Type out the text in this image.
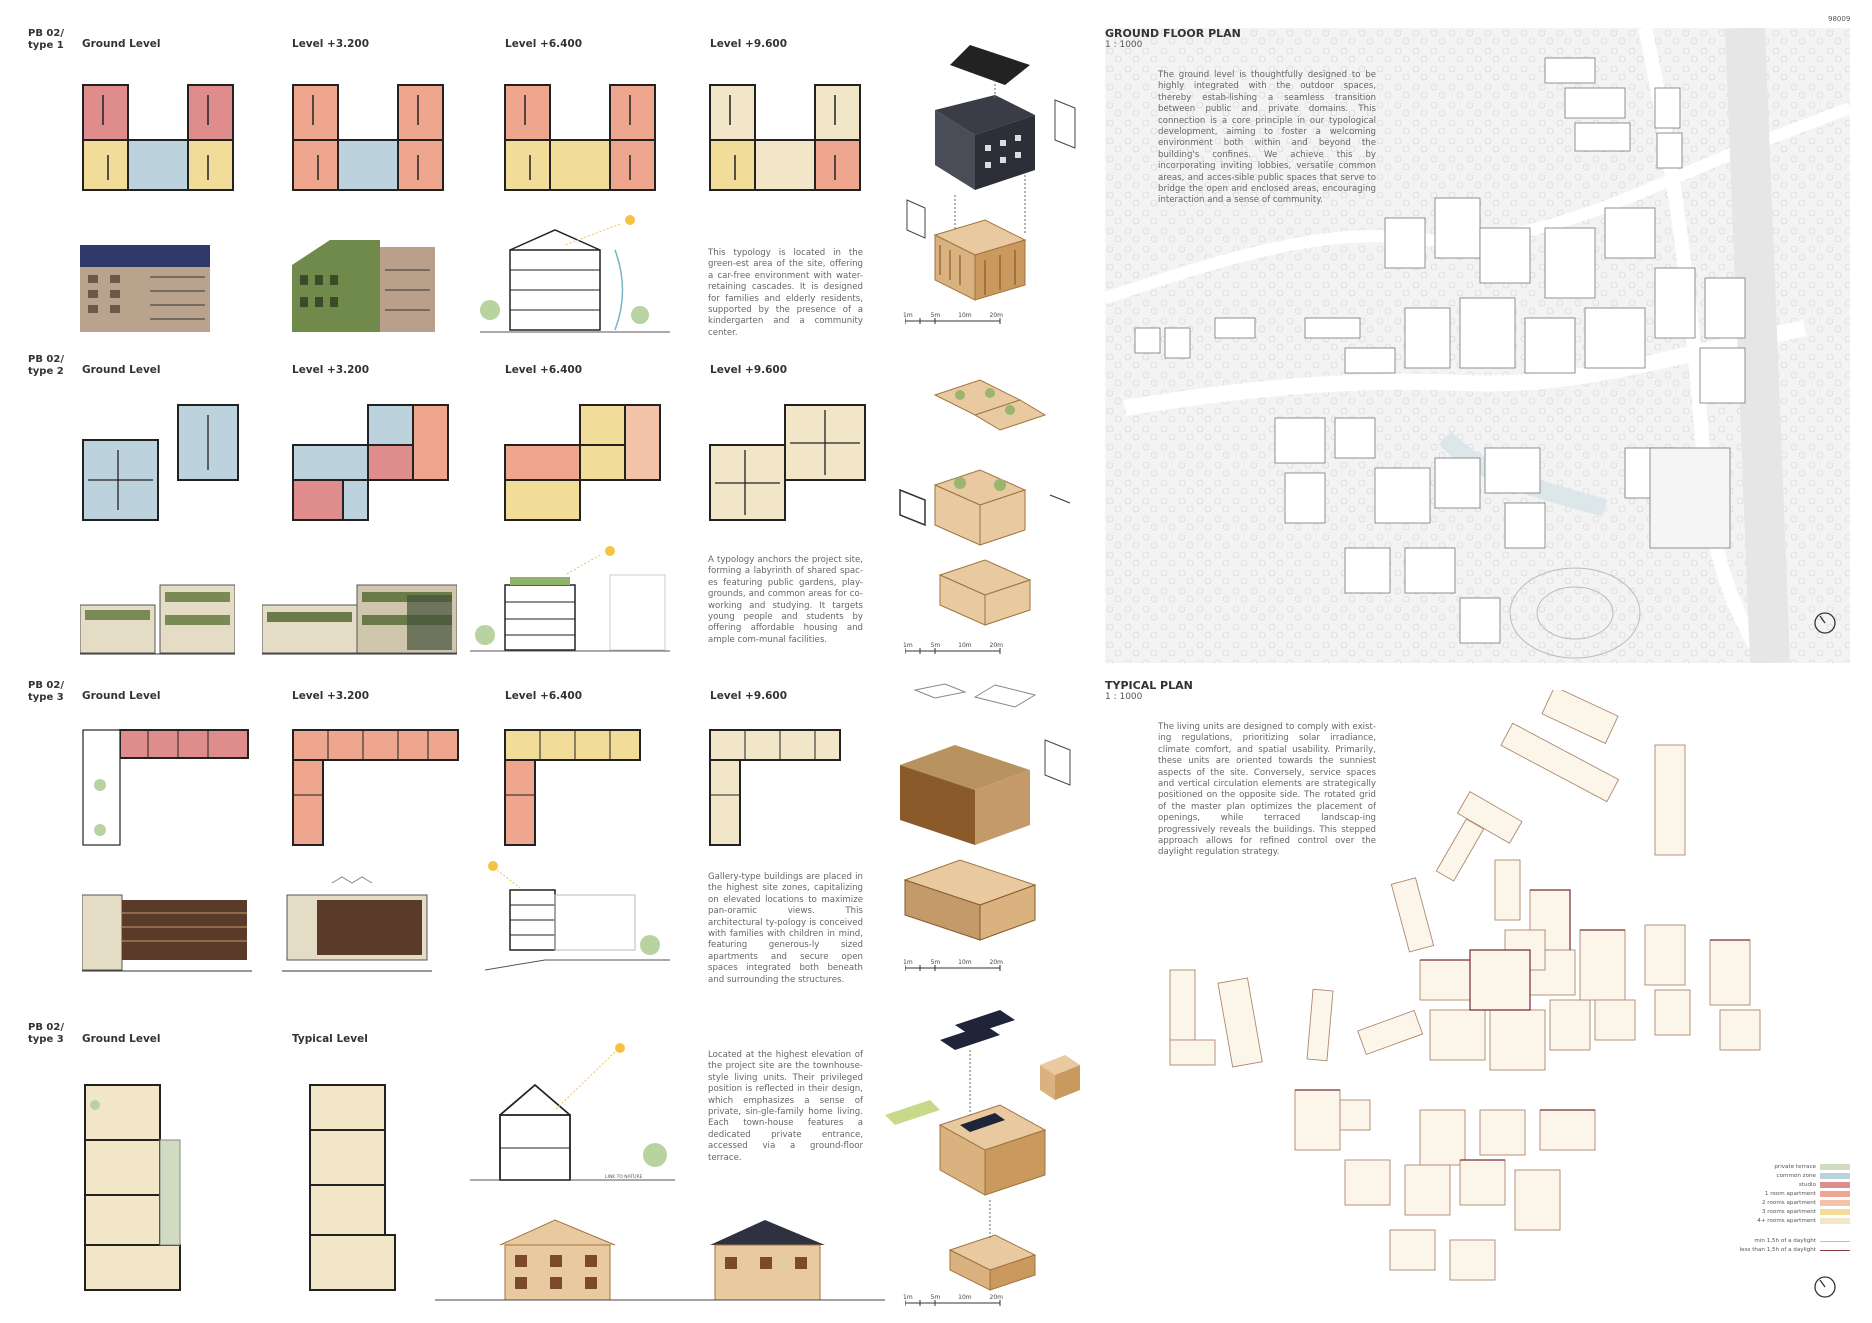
98009
PB 02/
type 1 Ground Level	Level +3.200	Level +6.400	Level +9.600
This typology is located in the green-est area of the site, offering a car-free environment with water-retaining cascades. It is designed for families and elderly residents, supported by the presence of a kindergarten and a community center.
1m	5m	10m	20m
PB 02/
type 2 Ground Level	Level +3.200	Level +6.400	Level +9.600
A typology anchors the project site, forming a labyrinth of shared spac-es featuring public gardens, play-grounds, and common areas for co-working and studying. It targets young people and students by offering affordable housing and ample com-munal facilities.
1m	5m	10m	20m
PB 02/
type 3 Ground Level	Level +3.200	Level +6.400	Level +9.600
Gallery-type buildings are placed in the highest site zones, capitalizing on elevated locations to maximize pan-oramic views. This architectural ty-pology is conceived with families with children in mind, featuring generous-ly sized apartments and secure open spaces integrated both beneath and surrounding the structures.
1m	5m	10m	20m
PB 02/
type 3 Ground Level	Typical Level
LINK TO NATURE
Located at the highest elevation of the project site are the townhouse-style living units. Their privileged position is reflected in their design, which emphasizes a sense of private, sin-gle-family home living. Each town-house features a dedicated private entrance, accessed via a ground-floor terrace.
1m	5m	10m	20m
GROUND FLOOR PLAN
1 : 1000
The ground level is thoughtfully designed to be highly integrated with the outdoor spaces, thereby estab-lishing a seamless transition between public and private domains. This connection is a core principle in our typological development, aiming to foster a welcoming environment both within and beyond the building's confines. We achieve this by incorporating inviting lobbies, versatile common areas, and acces-sible public spaces that serve to bridge the open and enclosed areas, encouraging interaction and a sense of community.
TYPICAL PLAN
1 : 1000
The living units are designed to comply with exist-ing regulations, prioritizing solar irradiance, climate comfort, and spatial usability. Primarily, these units are oriented towards the sunniest aspects of the site. Conversely, service spaces and vertical circulation elements are strategically positioned on the opposite side. The rotated grid of the master plan optimizes the placement of openings, while terraced landscap-ing progressively reveals the buildings. This stepped approach allows for refined control over the daylight regulation strategy.
private terrace
common zone
studio
1 room apartment
2 rooms apartment
3 rooms apartment
4+ rooms apartment
min 1,5h of a daylight
less than 1,5h of a daylight
